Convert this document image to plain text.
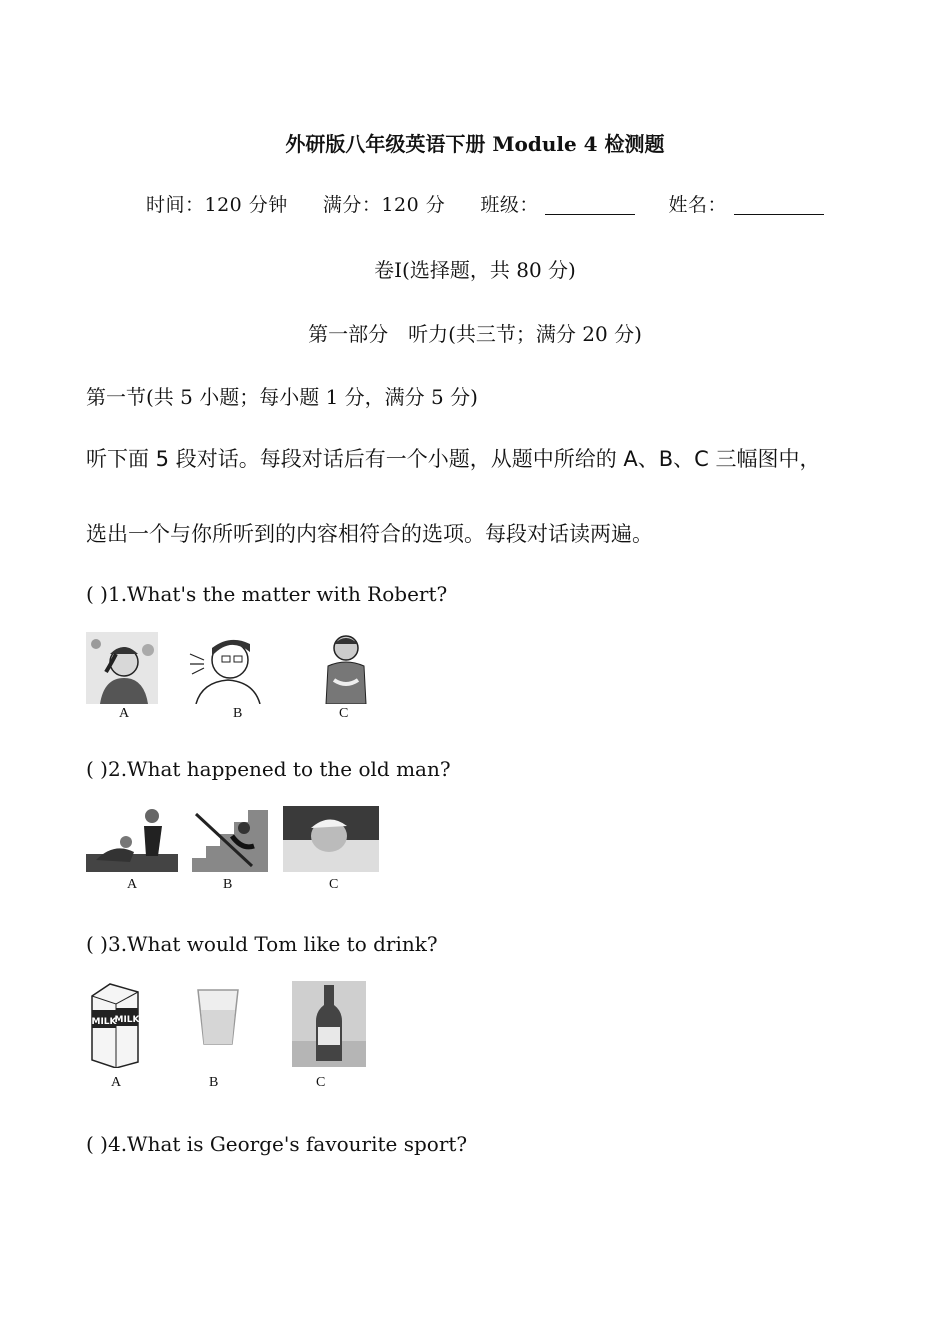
外研版八年级英语下册 Module 4 检测题
时间：120 分钟 满分：120 分 班级：	姓名：
卷Ⅰ(选择题，共 80 分)
第一部分　听力(共三节；满分 20 分)
第一节(共 5 小题；每小题 1 分，满分 5 分)
听下面 5 段对话。每段对话后有一个小题，从题中所给的 A、B、C 三幅图中，
选出一个与你所听到的内容相符合的选项。每段对话读两遍。
( )1.What's the matter with Robert?
A	B	C
( )2.What happened to the old man?
A	B	C
( )3.What would Tom like to drink?
MILK
MILK
A	B	C
( )4.What is George's favourite sport?
